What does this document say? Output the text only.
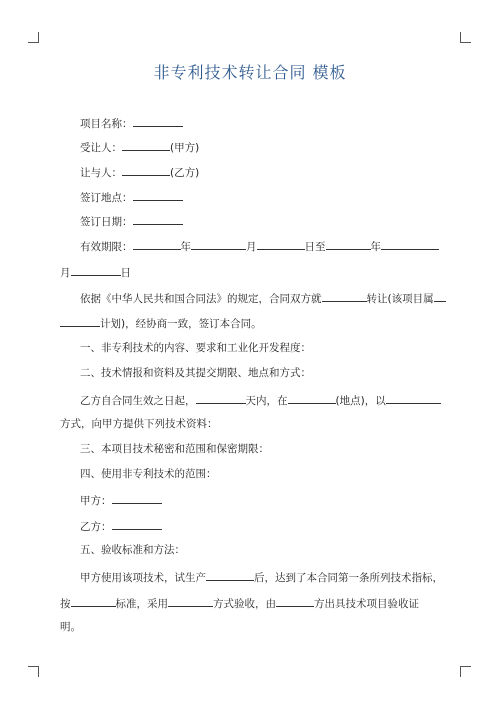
非专利技术转让合同 模板
项目名称：
受让人：	(甲方)
让与人：	(乙方)
签订地点：
签订日期：
有效期限：	年	月	日至	年
月	日
依据《中华人民共和国合同法》的规定，合同双方就	转让(该项目属
计划)，经协商一致，签订本合同。
一、非专利技术的内容、要求和工业化开发程度：
二、技术情报和资料及其提交期限、地点和方式：
乙方自合同生效之日起，	天内，在	(地点)，以
方式，向甲方提供下列技术资料：
三、本项目技术秘密和范围和保密期限：
四、使用非专利技术的范围：
甲方：
乙方：
五、验收标准和方法：
甲方使用该项技术，试生产	后，达到了本合同第一条所列技术指标，
按	标准，采用	方式验收，由	方出具技术项目验收证
明。
